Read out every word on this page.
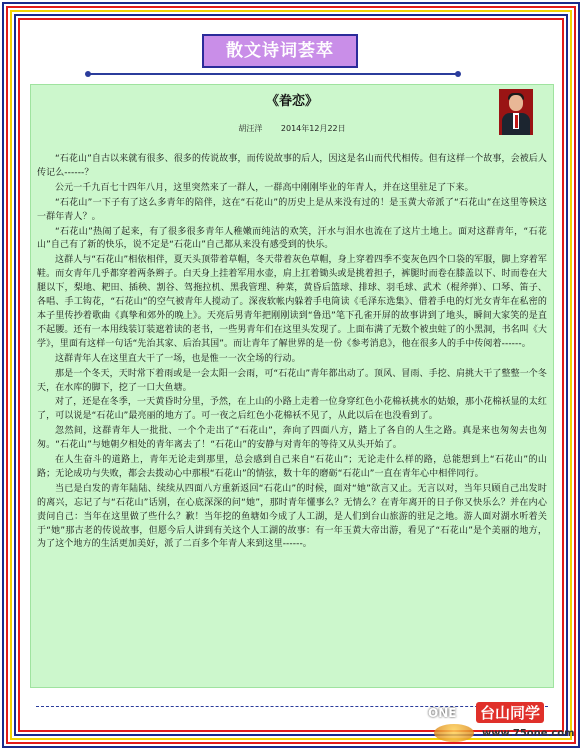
散文诗词荟萃
《眷恋》
胡汪洋 2014年12月22日

“石花山”自古以来就有很多、很多的传说故事，而传说故事的后人，因这是名山而代代相传。但有这样一个故事，会被后人传记么------？

公元一千九百七十四年八月，这里突然来了一群人，一群高中刚刚毕业的年青人，并在这里驻足了下来。

“石花山”一下子有了这么多青年的陪伴，这在“石花山”的历史上是从来没有过的！是玉黄大帝派了“石花山”在这里等候这一群年青人？。

“石花山”热闹了起来，有了很多很多青年人稚嫩而纯洁的欢笑，汗水与泪水也流在了这片土地上。面对这群青年，“石花山”自己有了新的快乐，说不定是“石花山”自己都从来没有感受到的快乐。

这群人与“石花山”相依相伴，夏天头顶带着草帽，冬天带着灰色草帽，身上穿着四季不变灰色四个口袋的军服，脚上穿着军鞋。而女青年几乎都穿着两条辫子。白天身上挂着军用水壶，肩上扛着锄头或是挑着担子，裤腿时而卷在膝盖以下、时而卷在大腿以下，梨地、耙田、插秧、割谷、驾拖拉机、黑我管理、种菜，黄昏后篮球、排球、羽毛球、武术（棍斧弹）、口琴、笛子、各唱、手工钩花，“石花山”的空气被青年人搅动了。深夜软帐内躲着手电筒读《毛泽东选集》、借着手电的灯光女青年在私密的本子里传抄着歌曲《真挚和郊外的晚上》。天亮后男青年把刚刚读到“鲁迅”笔下孔雀开屏的故事讲到了地头，瞬间大家笑的是直不起腰。还有一本用线装订装遮着读的老书，一些男青年们在这里头发现了。上面布满了无数个被虫蛀了的小黑洞，书名叫《大学》，里面有这样一句话“先治其家、后治其国”。而让青年了解世界的是一份《参考消息》，他在很多人的手中传阅着------。

这群青年人在这里直大干了一场，也是惟一一次全场的行动。

那是一个冬天，天时常下着雨或是一会太阳一会雨，可“石花山”青年都出动了。顶风、冒雨、手挖、肩挑大干了整整一个冬天，在水库的脚下，挖了一口大鱼塘。

对了，还是在冬季，一天黄昏时分里，予然，在上山的小路上走着一位身穿红色小花棉袄挑水的姑娘，那小花棉袄显的太红了，可以说是“石花山”最亮丽的地方了。可一夜之后红色小花棉袄不见了，从此以后在也没看到了。

忽然间，这群青年人一批批、一个个走出了“石花山”，奔向了四面八方，踏上了各自的人生之路。真是来也匆匆去也匆匆。“石花山”与她朝夕相处的青年离去了！“石花山”的安静与对青年的等待又从头开始了。

在人生奋斗的道路上，青年无论走到那里，总会感到自己来自“石花山”；无论走什么样的路，总能想到上“石花山”的山路；无论成功与失败，都会去拨动心中那根“石花山”的情弦，数十年的磨砺“石花山”一直在青年心中相伴同行。

当已是白发的青年陆陆、续续从四面八方重新返回“石花山”的时候，面对“她”欲言又止。无言以对，当年只顾自己出发时的离兴，忘记了与“石花山”话别，在心底深深的问“她”，那时青年懂事么？无情么？在青年离开的日子你又快乐么？并在内心责问自己：当年在这里做了些什么？歉！当年挖的鱼塘如今成了人工湖，是人们到台山旅游的驻足之地。游人面对湖水听着关于“她”那古老的传说故事，但愿今后人讲到有关这个人工湖的故事：有一年玉黄大帝出游，看见了“石花山”是个美丽的地方，为了这个地方的生活更加美好，派了二百多个年青人来到这里------。

ONE 台山同学
www.75one.com
